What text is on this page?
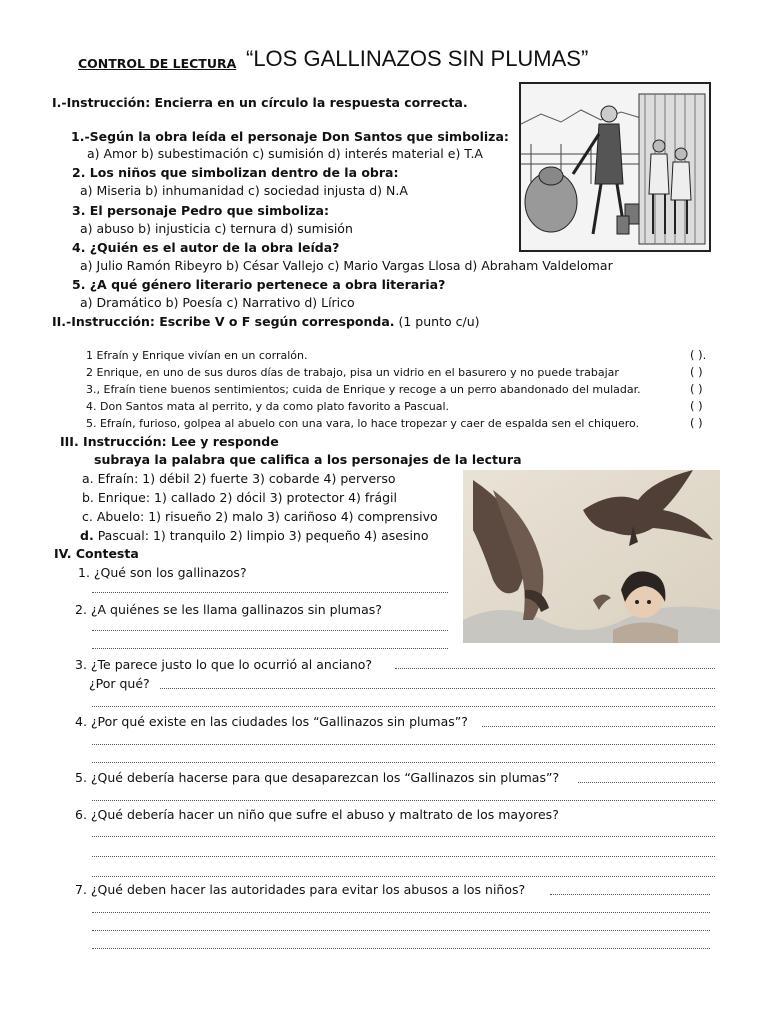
CONTROL DE LECTURA “LOS GALLINAZOS SIN PLUMAS”
I.-Instrucción: Encierra en un círculo la respuesta correcta.
1.-Según la obra leída el personaje Don Santos que simboliza:
a) Amor b) subestimación c) sumisión d) interés material e) T.A
2. Los niños que simbolizan dentro de la obra:
a) Miseria b) inhumanidad c) sociedad injusta d) N.A
3. El personaje Pedro que simboliza:
a) abuso b) injusticia c) ternura d) sumisión
4. ¿Quién es el autor de la obra leída?
a) Julio Ramón Ribeyro b) César Vallejo c) Mario Vargas Llosa d) Abraham Valdelomar
5. ¿A qué género literario pertenece a obra literaria?
a) Dramático b) Poesía c) Narrativo d) Lírico
II.-Instrucción: Escribe V o F según corresponda. (1 punto c/u)
1 Efraín y Enrique vivían en un corralón.
2 Enrique, en uno de sus duros días de trabajo, pisa un vidrio en el basurero y no puede trabajar
3., Efraín tiene buenos sentimientos; cuida de Enrique y recoge a un perro abandonado del muladar.
4. Don Santos mata al perrito, y da como plato favorito a Pascual.
5. Efraín, furioso, golpea al abuelo con una vara, lo hace tropezar y caer de espalda sen el chiquero.
( ).
( )
( )
( )
( )
III. Instrucción: Lee y responde
subraya la palabra que califica a los personajes de la lectura
a. Efraín: 1) débil 2) fuerte 3) cobarde 4) perverso
b. Enrique: 1) callado 2) dócil 3) protector 4) frágil
c. Abuelo: 1) risueño 2) malo 3) cariñoso 4) comprensivo
d. Pascual: 1) tranquilo 2) limpio 3) pequeño 4) asesino
IV. Contesta
1. ¿Qué son los gallinazos?
2. ¿A quiénes se les llama gallinazos sin plumas?
3. ¿Te parece justo lo que lo ocurrió al anciano?
¿Por qué?
4. ¿Por qué existe en las ciudades los “Gallinazos sin plumas”?
5. ¿Qué debería hacerse para que desaparezcan los “Gallinazos sin plumas”?
6. ¿Qué debería hacer un niño que sufre el abuso y maltrato de los mayores?
7. ¿Qué deben hacer las autoridades para evitar los abusos a los niños?
